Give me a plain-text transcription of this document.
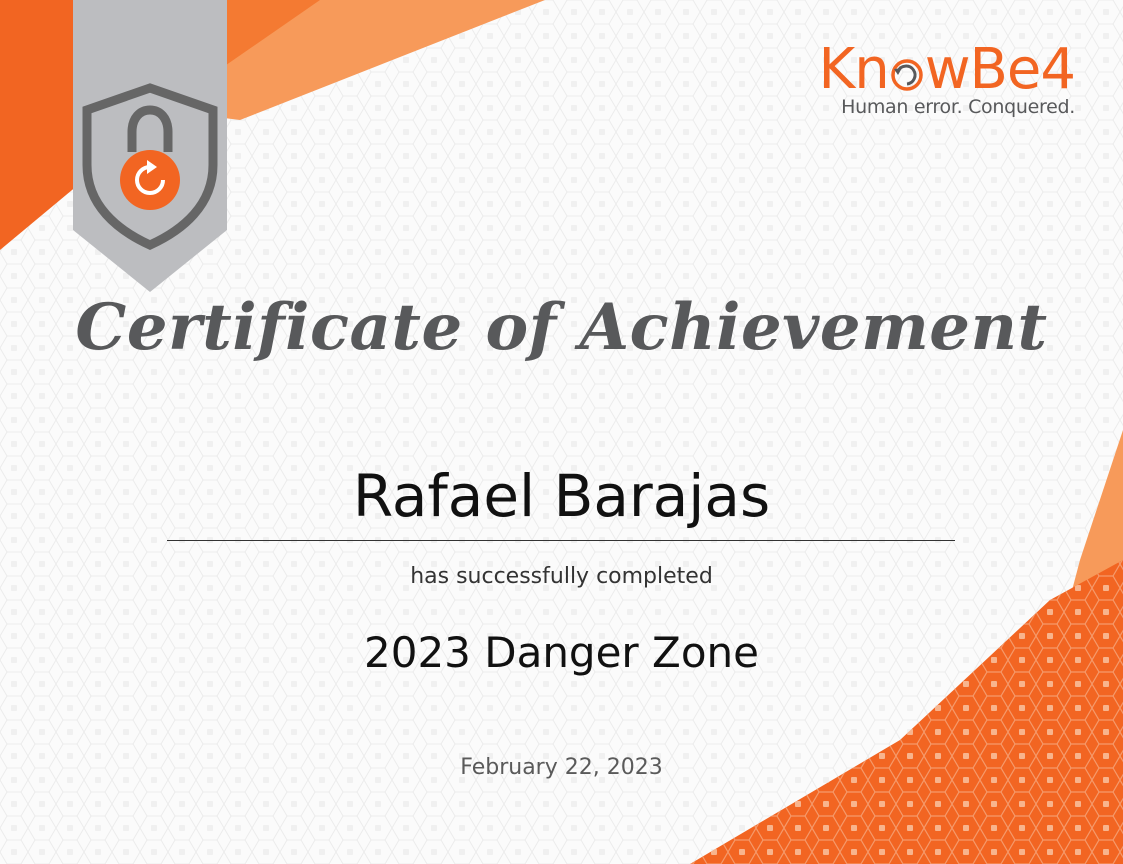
Kn wBe4
Human error. Conquered.
Certificate of Achievement
Rafael Barajas
has successfully completed
2023 Danger Zone
February 22, 2023
